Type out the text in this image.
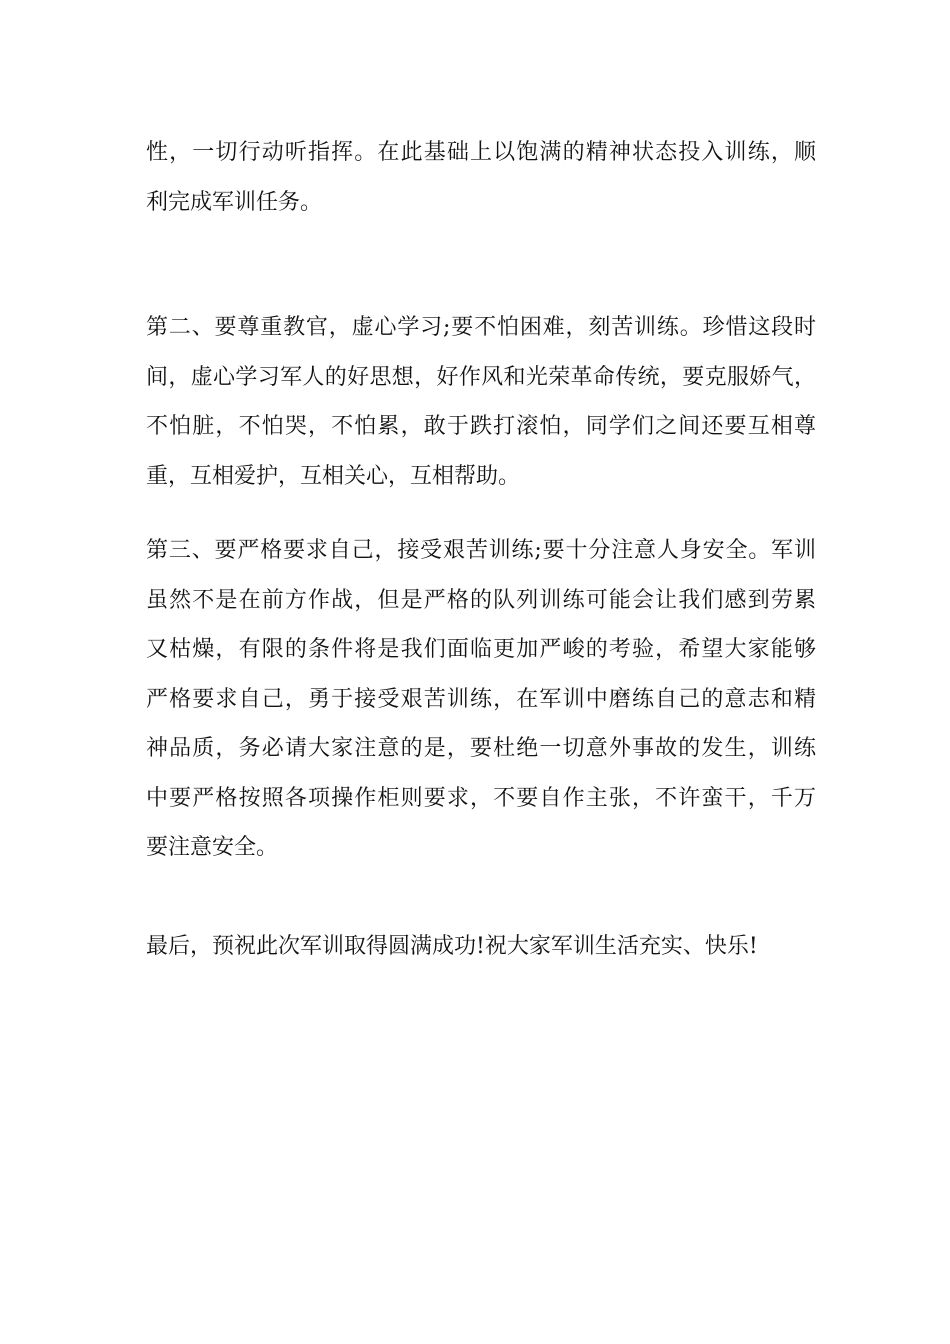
性，一切行动听指挥。在此基础上以饱满的精神状态投入训练，顺
利完成军训任务。
第二、要尊重教官，虚心学习;要不怕困难，刻苦训练。珍惜这段时
间，虚心学习军人的好思想，好作风和光荣革命传统，要克服娇气，
不怕脏，不怕哭，不怕累，敢于跌打滚怕，同学们之间还要互相尊
重，互相爱护，互相关心，互相帮助。
第三、要严格要求自己，接受艰苦训练;要十分注意人身安全。军训
虽然不是在前方作战，但是严格的队列训练可能会让我们感到劳累
又枯燥，有限的条件将是我们面临更加严峻的考验，希望大家能够
严格要求自己，勇于接受艰苦训练，在军训中磨练自己的意志和精
神品质，务必请大家注意的是，要杜绝一切意外事故的发生，训练
中要严格按照各项操作柜则要求，不要自作主张，不许蛮干，千万
要注意安全。
最后，预祝此次军训取得圆满成功!祝大家军训生活充实、快乐!
